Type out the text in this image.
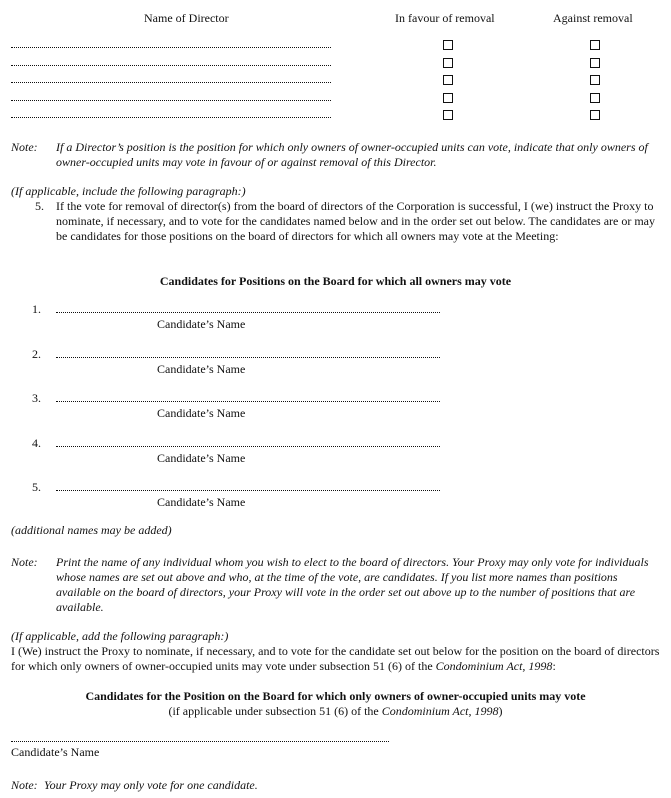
Name of Director	In favour of removal	Against removal
Note: If a Director’s position is the position for which only owners of owner-occupied units can vote, indicate that only owners of owner-occupied units may vote in favour of or against removal of this Director.
(If applicable, include the following paragraph:)
5. If the vote for removal of director(s) from the board of directors of the Corporation is successful, I (we) instruct the Proxy to nominate, if necessary, and to vote for the candidates named below and in the order set out below. The candidates are or may be candidates for those positions on the board of directors for which all owners may vote at the Meeting:
Candidates for Positions on the Board for which all owners may vote
1.
Candidate’s Name
2.
Candidate’s Name
3.
Candidate’s Name
4.
Candidate’s Name
5.
Candidate’s Name
(additional names may be added)
Note: Print the name of any individual whom you wish to elect to the board of directors. Your Proxy may only vote for individuals whose names are set out above and who, at the time of the vote, are candidates. If you list more names than positions available on the board of directors, your Proxy will vote in the order set out above up to the number of positions that are available.
(If applicable, add the following paragraph:)
I (We) instruct the Proxy to nominate, if necessary, and to vote for the candidate set out below for the position on the board of directors for which only owners of owner-occupied units may vote under subsection 51 (6) of the Condominium Act, 1998:
Candidates for the Position on the Board for which only owners of owner-occupied units may vote
(if applicable under subsection 51 (6) of the Condominium Act, 1998)
Candidate’s Name
Note: Your Proxy may only vote for one candidate.
